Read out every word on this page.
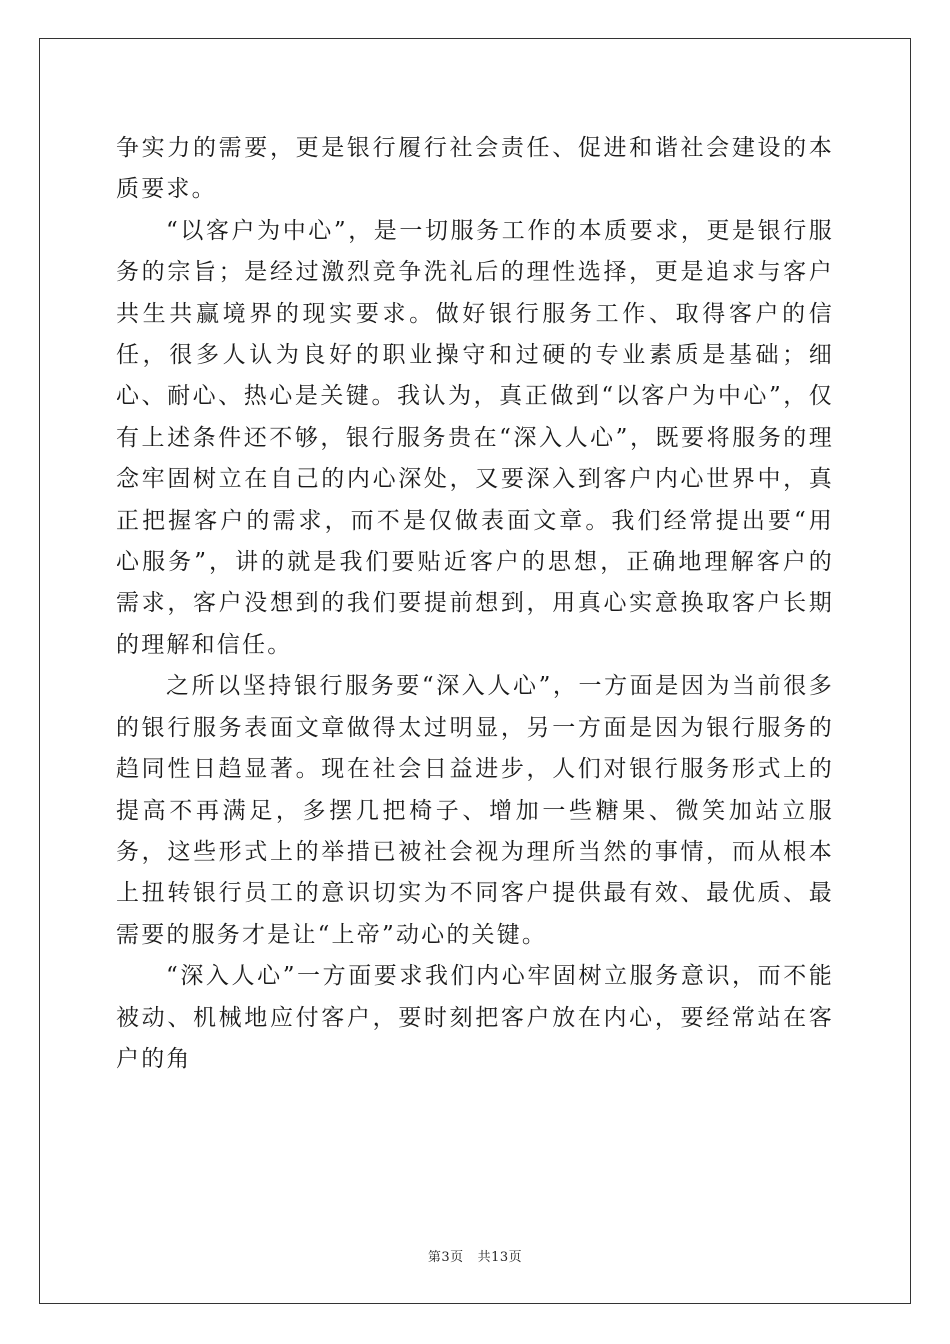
争实力的需要，更是银行履行社会责任、促进和谐社会建设的本质要求。

“以客户为中心”，是一切服务工作的本质要求，更是银行服务的宗旨；是经过激烈竞争洗礼后的理性选择，更是追求与客户共生共赢境界的现实要求。做好银行服务工作、取得客户的信任，很多人认为良好的职业操守和过硬的专业素质是基础；细心、耐心、热心是关键。我认为，真正做到“以客户为中心”，仅有上述条件还不够，银行服务贵在“深入人心”，既要将服务的理念牢固树立在自己的内心深处，又要深入到客户内心世界中，真正把握客户的需求，而不是仅做表面文章。我们经常提出要“用心服务”，讲的就是我们要贴近客户的思想，正确地理解客户的需求，客户没想到的我们要提前想到，用真心实意换取客户长期的理解和信任。

之所以坚持银行服务要“深入人心”，一方面是因为当前很多的银行服务表面文章做得太过明显，另一方面是因为银行服务的趋同性日趋显著。现在社会日益进步，人们对银行服务形式上的提高不再满足，多摆几把椅子、增加一些糖果、微笑加站立服务，这些形式上的举措已被社会视为理所当然的事情，而从根本上扭转银行员工的意识切实为不同客户提供最有效、最优质、最需要的服务才是让“上帝”动心的关键。

“深入人心”一方面要求我们内心牢固树立服务意识，而不能被动、机械地应付客户，要时刻把客户放在内心，要经常站在客户的角

第3页 共13页
